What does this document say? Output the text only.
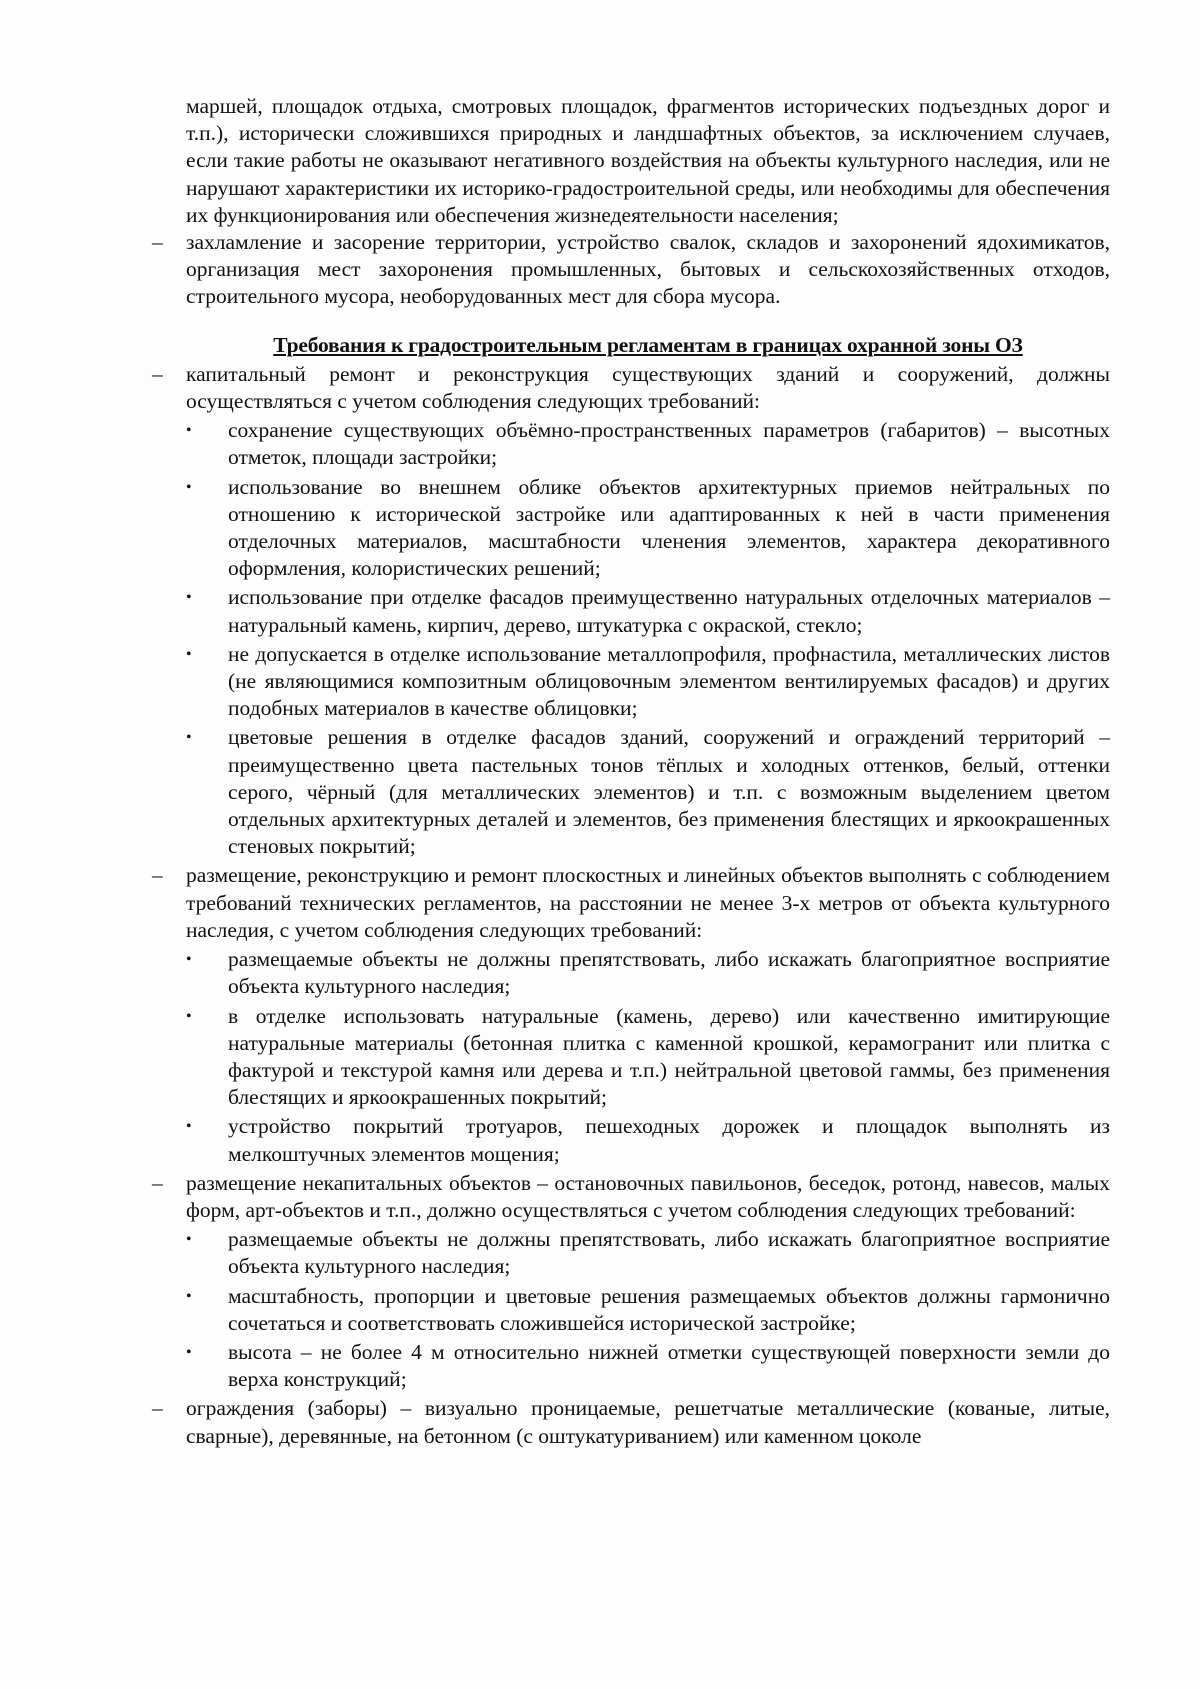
маршей, площадок отдыха, смотровых площадок, фрагментов исторических подъездных дорог и т.п.), исторически сложившихся природных и ландшафтных объектов, за исключением случаев, если такие работы не оказывают негативного воздействия на объекты культурного наследия, или не нарушают характеристики их историко-градостроительной среды, или необходимы для обеспечения их функционирования или обеспечения жизнедеятельности населения;

– захламление и засорение территории, устройство свалок, складов и захоронений ядохимикатов, организация мест захоронения промышленных, бытовых и сельскохозяйственных отходов, строительного мусора, необорудованных мест для сбора мусора.
Требования к градостроительным регламентам в границах охранной зоны ОЗ
– капитальный ремонт и реконструкция существующих зданий и сооружений, должны осуществляться с учетом соблюдения следующих требований:
• сохранение существующих объёмно-пространственных параметров (габаритов) – высотных отметок, площади застройки;
• использование во внешнем облике объектов архитектурных приемов нейтральных по отношению к исторической застройке или адаптированных к ней в части применения отделочных материалов, масштабности членения элементов, характера декоративного оформления, колористических решений;
• использование при отделке фасадов преимущественно натуральных отделочных материалов – натуральный камень, кирпич, дерево, штукатурка с окраской, стекло;
• не допускается в отделке использование металлопрофиля, профнастила, металлических листов (не являющимися композитным облицовочным элементом вентилируемых фасадов) и других подобных материалов в качестве облицовки;
• цветовые решения в отделке фасадов зданий, сооружений и ограждений территорий – преимущественно цвета пастельных тонов тёплых и холодных оттенков, белый, оттенки серого, чёрный (для металлических элементов) и т.п. с возможным выделением цветом отдельных архитектурных деталей и элементов, без применения блестящих и яркоокрашенных стеновых покрытий;
– размещение, реконструкцию и ремонт плоскостных и линейных объектов выполнять с соблюдением требований технических регламентов, на расстоянии не менее 3-х метров от объекта культурного наследия, с учетом соблюдения следующих требований:
• размещаемые объекты не должны препятствовать, либо искажать благоприятное восприятие объекта культурного наследия;
• в отделке использовать натуральные (камень, дерево) или качественно имитирующие натуральные материалы (бетонная плитка с каменной крошкой, керамогранит или плитка с фактурой и текстурой камня или дерева и т.п.) нейтральной цветовой гаммы, без применения блестящих и яркоокрашенных покрытий;
• устройство покрытий тротуаров, пешеходных дорожек и площадок выполнять из мелкоштучных элементов мощения;
– размещение некапитальных объектов – остановочных павильонов, беседок, ротонд, навесов, малых форм, арт-объектов и т.п., должно осуществляться с учетом соблюдения следующих требований:
• размещаемые объекты не должны препятствовать, либо искажать благоприятное восприятие объекта культурного наследия;
• масштабность, пропорции и цветовые решения размещаемых объектов должны гармонично сочетаться и соответствовать сложившейся исторической застройке;
• высота – не более 4 м относительно нижней отметки существующей поверхности земли до верха конструкций;
– ограждения (заборы) – визуально проницаемые, решетчатые металлические (кованые, литые, сварные), деревянные, на бетонном (с оштукатуриванием) или каменном цоколе
